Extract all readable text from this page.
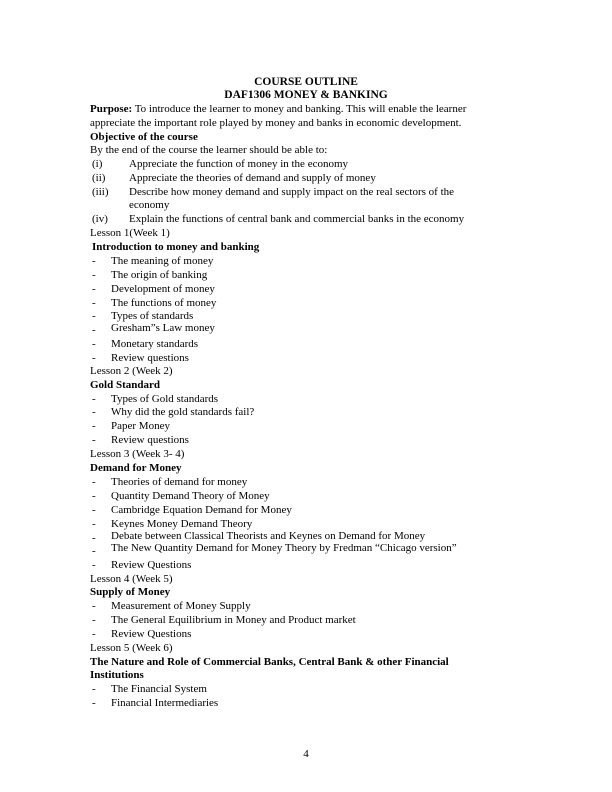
COURSE OUTLINE
DAF1306 MONEY & BANKING
Purpose: To introduce the learner to money and banking. This will enable the learner
appreciate the important role played by money and banks in economic development.
Objective of the course
By the end of the course the learner should be able to:
(i) Appreciate the function of money in the economy
(ii) Appreciate the theories of demand and supply of money
(iii) Describe how money demand and supply impact on the real sectors of the
economy
(iv) Explain the functions of central bank and commercial banks in the economy
Lesson 1(Week 1)
Introduction to money and banking
- The meaning of money
- The origin of banking
- Development of money
- The functions of money
- Types of standards
- Gresham”s Law money
- Monetary standards
- Review questions
Lesson 2 (Week 2)
Gold Standard
- Types of Gold standards
- Why did the gold standards fail?
- Paper Money
- Review questions
Lesson 3 (Week 3- 4)
Demand for Money
- Theories of demand for money
- Quantity Demand Theory of Money
- Cambridge Equation Demand for Money
- Keynes Money Demand Theory
- Debate between Classical Theorists and Keynes on Demand for Money
- The New Quantity Demand for Money Theory by Fredman “Chicago version”
- Review Questions
Lesson 4 (Week 5)
Supply of Money
- Measurement of Money Supply
- The General Equilibrium in Money and Product market
- Review Questions
Lesson 5 (Week 6)
The Nature and Role of Commercial Banks, Central Bank & other Financial
Institutions
- The Financial System
- Financial Intermediaries
4
